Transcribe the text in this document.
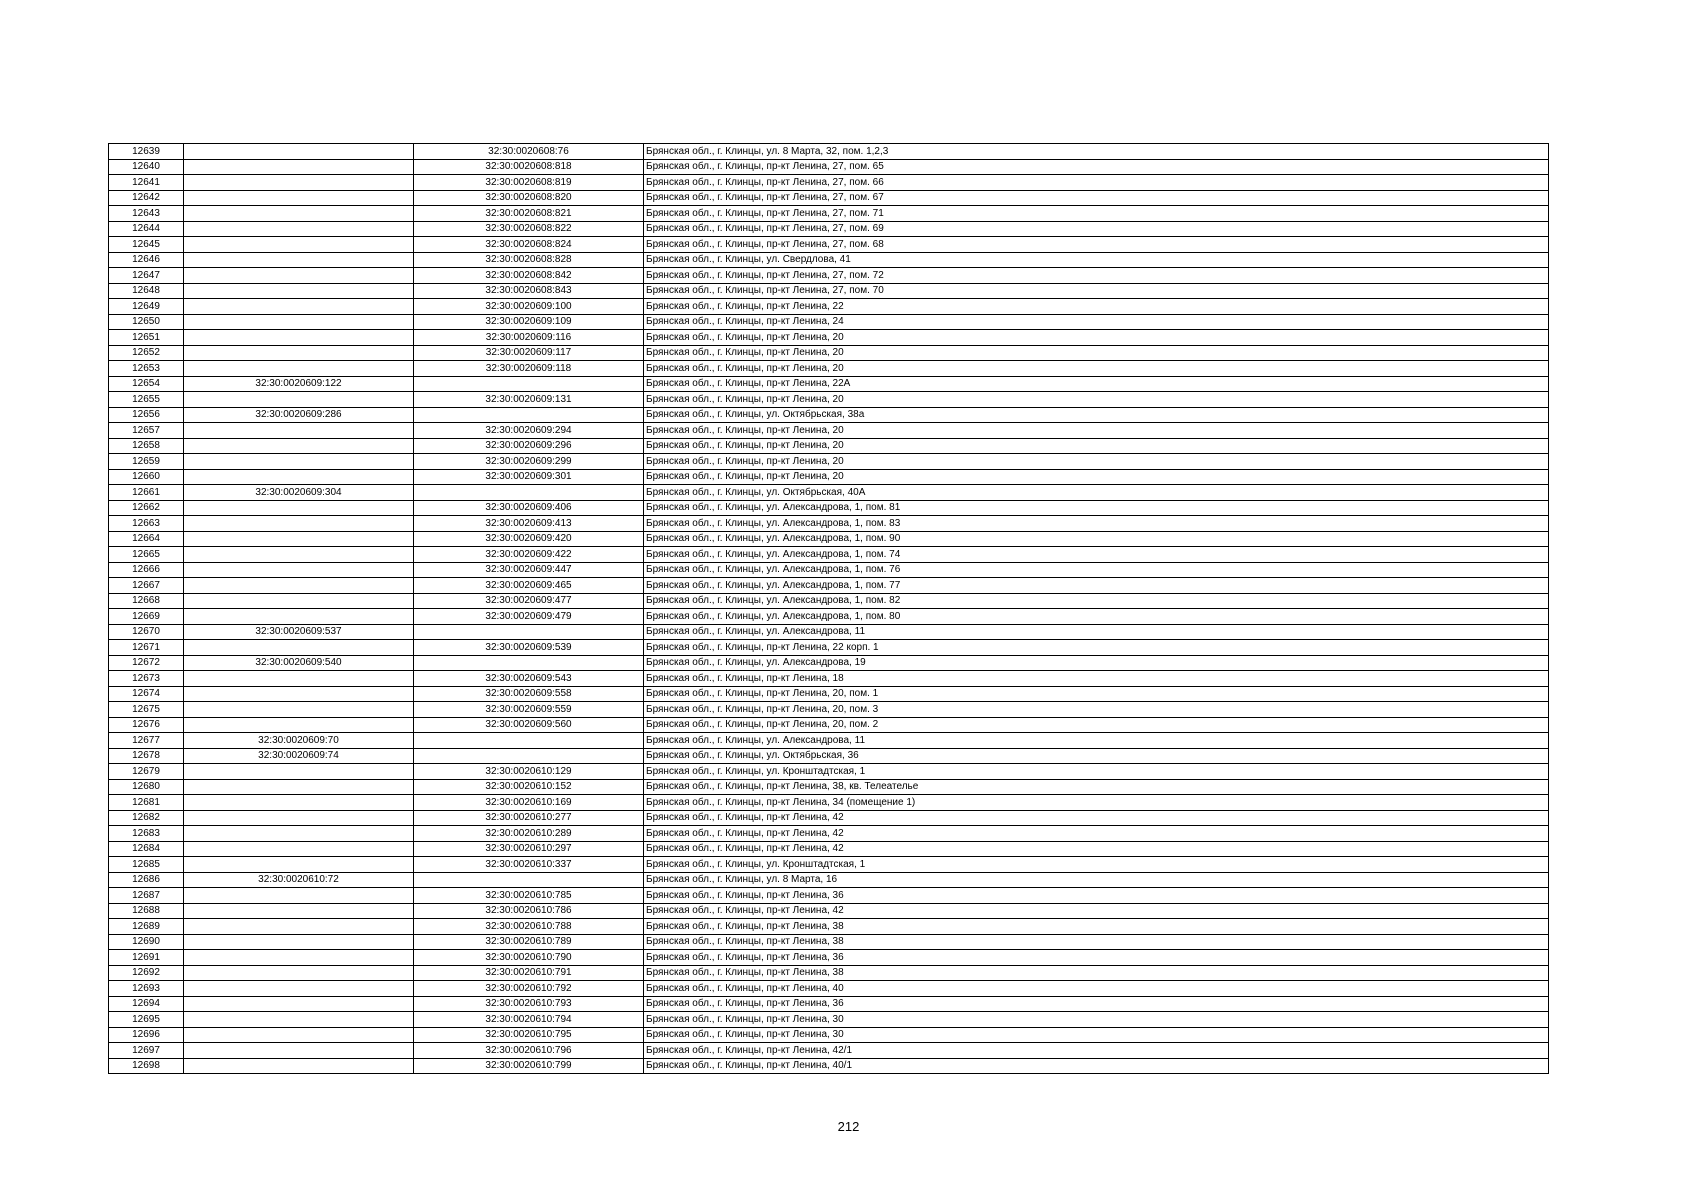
12639		32:30:0020608:76	Брянская обл., г. Клинцы, ул. 8 Марта, 32, пом. 1,2,3
12640		32:30:0020608:818	Брянская обл., г. Клинцы, пр-кт Ленина, 27, пом. 65
12641		32:30:0020608:819	Брянская обл., г. Клинцы, пр-кт Ленина, 27, пом. 66
12642		32:30:0020608:820	Брянская обл., г. Клинцы, пр-кт Ленина, 27, пом. 67
12643		32:30:0020608:821	Брянская обл., г. Клинцы, пр-кт Ленина, 27, пом. 71
12644		32:30:0020608:822	Брянская обл., г. Клинцы, пр-кт Ленина, 27, пом. 69
12645		32:30:0020608:824	Брянская обл., г. Клинцы, пр-кт Ленина, 27, пом. 68
12646		32:30:0020608:828	Брянская обл., г. Клинцы, ул. Свердлова, 41
12647		32:30:0020608:842	Брянская обл., г. Клинцы, пр-кт Ленина, 27, пом. 72
12648		32:30:0020608:843	Брянская обл., г. Клинцы, пр-кт Ленина, 27, пом. 70
12649		32:30:0020609:100	Брянская обл., г. Клинцы, пр-кт Ленина, 22
12650		32:30:0020609:109	Брянская обл., г. Клинцы, пр-кт Ленина, 24
12651		32:30:0020609:116	Брянская обл., г. Клинцы, пр-кт Ленина, 20
12652		32:30:0020609:117	Брянская обл., г. Клинцы, пр-кт Ленина, 20
12653		32:30:0020609:118	Брянская обл., г. Клинцы, пр-кт Ленина, 20
12654	32:30:0020609:122		Брянская обл., г. Клинцы, пр-кт Ленина, 22А
12655		32:30:0020609:131	Брянская обл., г. Клинцы, пр-кт Ленина, 20
12656	32:30:0020609:286		Брянская обл., г. Клинцы, ул. Октябрьская, 38а
12657		32:30:0020609:294	Брянская обл., г. Клинцы, пр-кт Ленина, 20
12658		32:30:0020609:296	Брянская обл., г. Клинцы, пр-кт Ленина, 20
12659		32:30:0020609:299	Брянская обл., г. Клинцы, пр-кт Ленина, 20
12660		32:30:0020609:301	Брянская обл., г. Клинцы, пр-кт Ленина, 20
12661	32:30:0020609:304		Брянская обл., г. Клинцы, ул. Октябрьская, 40А
12662		32:30:0020609:406	Брянская обл., г. Клинцы, ул. Александрова, 1, пом. 81
12663		32:30:0020609:413	Брянская обл., г. Клинцы, ул. Александрова, 1, пом. 83
12664		32:30:0020609:420	Брянская обл., г. Клинцы, ул. Александрова, 1, пом. 90
12665		32:30:0020609:422	Брянская обл., г. Клинцы, ул. Александрова, 1, пом. 74
12666		32:30:0020609:447	Брянская обл., г. Клинцы, ул. Александрова, 1, пом. 76
12667		32:30:0020609:465	Брянская обл., г. Клинцы, ул. Александрова, 1, пом. 77
12668		32:30:0020609:477	Брянская обл., г. Клинцы, ул. Александрова, 1, пом. 82
12669		32:30:0020609:479	Брянская обл., г. Клинцы, ул. Александрова, 1, пом. 80
12670	32:30:0020609:537		Брянская обл., г. Клинцы, ул. Александрова, 11
12671		32:30:0020609:539	Брянская обл., г. Клинцы, пр-кт Ленина, 22 корп. 1
12672	32:30:0020609:540		Брянская обл., г. Клинцы, ул. Александрова, 19
12673		32:30:0020609:543	Брянская обл., г. Клинцы, пр-кт Ленина, 18
12674		32:30:0020609:558	Брянская обл., г. Клинцы, пр-кт Ленина, 20, пом. 1
12675		32:30:0020609:559	Брянская обл., г. Клинцы, пр-кт Ленина, 20, пом. 3
12676		32:30:0020609:560	Брянская обл., г. Клинцы, пр-кт Ленина, 20, пом. 2
12677	32:30:0020609:70		Брянская обл., г. Клинцы, ул. Александрова, 11
12678	32:30:0020609:74		Брянская обл., г. Клинцы, ул. Октябрьская, 36
12679		32:30:0020610:129	Брянская обл., г. Клинцы, ул. Кронштадтская, 1
12680		32:30:0020610:152	Брянская обл., г. Клинцы, пр-кт Ленина, 38, кв. Телеателье
12681		32:30:0020610:169	Брянская обл., г. Клинцы, пр-кт Ленина, 34 (помещение 1)
12682		32:30:0020610:277	Брянская обл., г. Клинцы, пр-кт Ленина, 42
12683		32:30:0020610:289	Брянская обл., г. Клинцы, пр-кт Ленина, 42
12684		32:30:0020610:297	Брянская обл., г. Клинцы, пр-кт Ленина, 42
12685		32:30:0020610:337	Брянская обл., г. Клинцы, ул. Кронштадтская, 1
12686	32:30:0020610:72		Брянская обл., г. Клинцы, ул. 8 Марта, 16
12687		32:30:0020610:785	Брянская обл., г. Клинцы, пр-кт Ленина, 36
12688		32:30:0020610:786	Брянская обл., г. Клинцы, пр-кт Ленина, 42
12689		32:30:0020610:788	Брянская обл., г. Клинцы, пр-кт Ленина, 38
12690		32:30:0020610:789	Брянская обл., г. Клинцы, пр-кт Ленина, 38
12691		32:30:0020610:790	Брянская обл., г. Клинцы, пр-кт Ленина, 36
12692		32:30:0020610:791	Брянская обл., г. Клинцы, пр-кт Ленина, 38
12693		32:30:0020610:792	Брянская обл., г. Клинцы, пр-кт Ленина, 40
12694		32:30:0020610:793	Брянская обл., г. Клинцы, пр-кт Ленина, 36
12695		32:30:0020610:794	Брянская обл., г. Клинцы, пр-кт Ленина, 30
12696		32:30:0020610:795	Брянская обл., г. Клинцы, пр-кт Ленина, 30
12697		32:30:0020610:796	Брянская обл., г. Клинцы, пр-кт Ленина, 42/1
12698		32:30:0020610:799	Брянская обл., г. Клинцы, пр-кт Ленина, 40/1
212
